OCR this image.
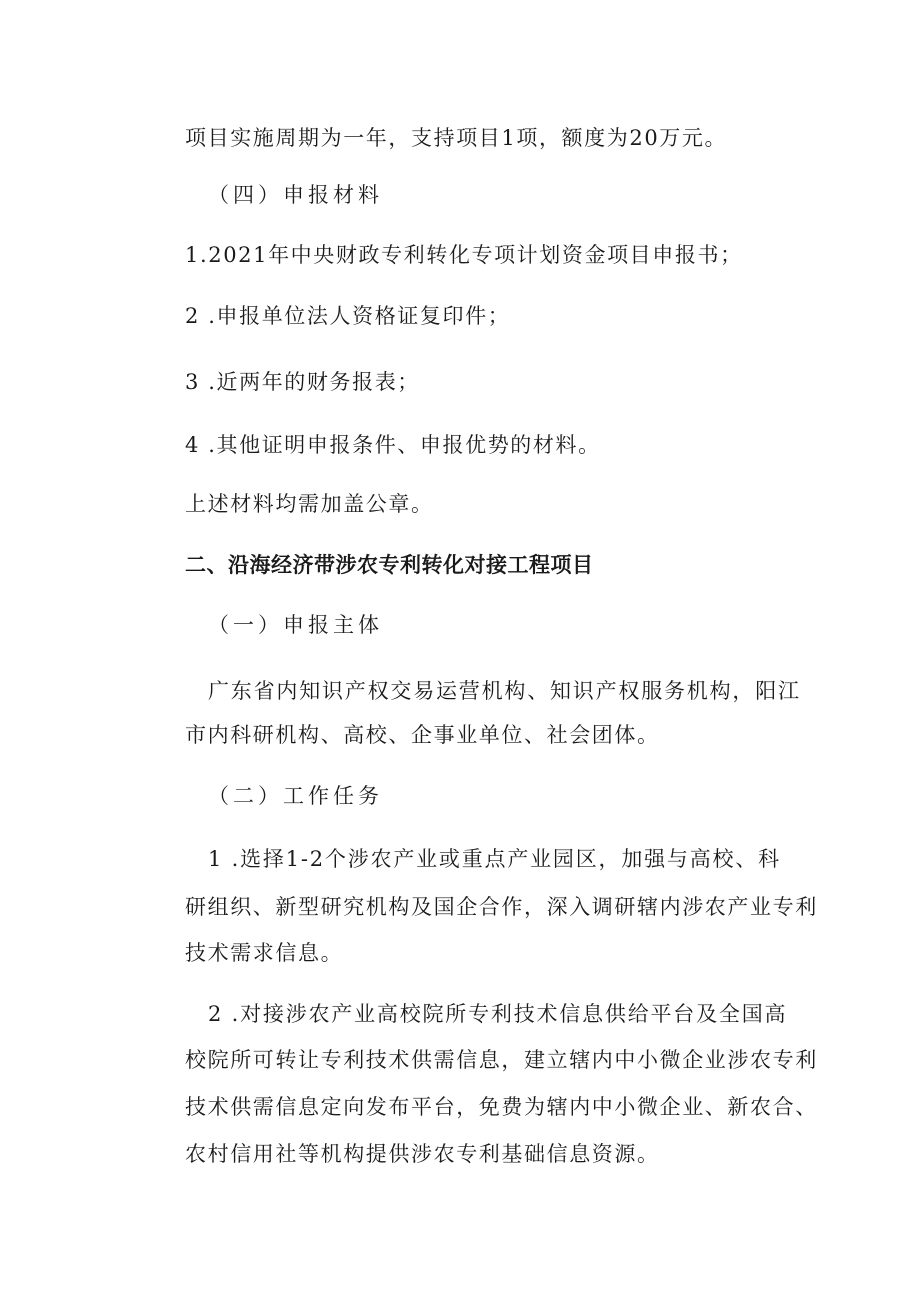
项目实施周期为一年，支持项目1项，额度为20万元。
（四）申报材料
1.2021年中央财政专利转化专项计划资金项目申报书；
2 .申报单位法人资格证复印件；
3 .近两年的财务报表；
4 .其他证明申报条件、申报优势的材料。
上述材料均需加盖公章。
二、沿海经济带涉农专利转化对接工程项目
（一）申报主体
广东省内知识产权交易运营机构、知识产权服务机构，阳江
市内科研机构、高校、企事业单位、社会团体。
（二）工作任务
1 .选择1-2个涉农产业或重点产业园区，加强与高校、科
研组织、新型研究机构及国企合作，深入调研辖内涉农产业专利
技术需求信息。
2 .对接涉农产业高校院所专利技术信息供给平台及全国高
校院所可转让专利技术供需信息，建立辖内中小微企业涉农专利
技术供需信息定向发布平台，免费为辖内中小微企业、新农合、
农村信用社等机构提供涉农专利基础信息资源。
